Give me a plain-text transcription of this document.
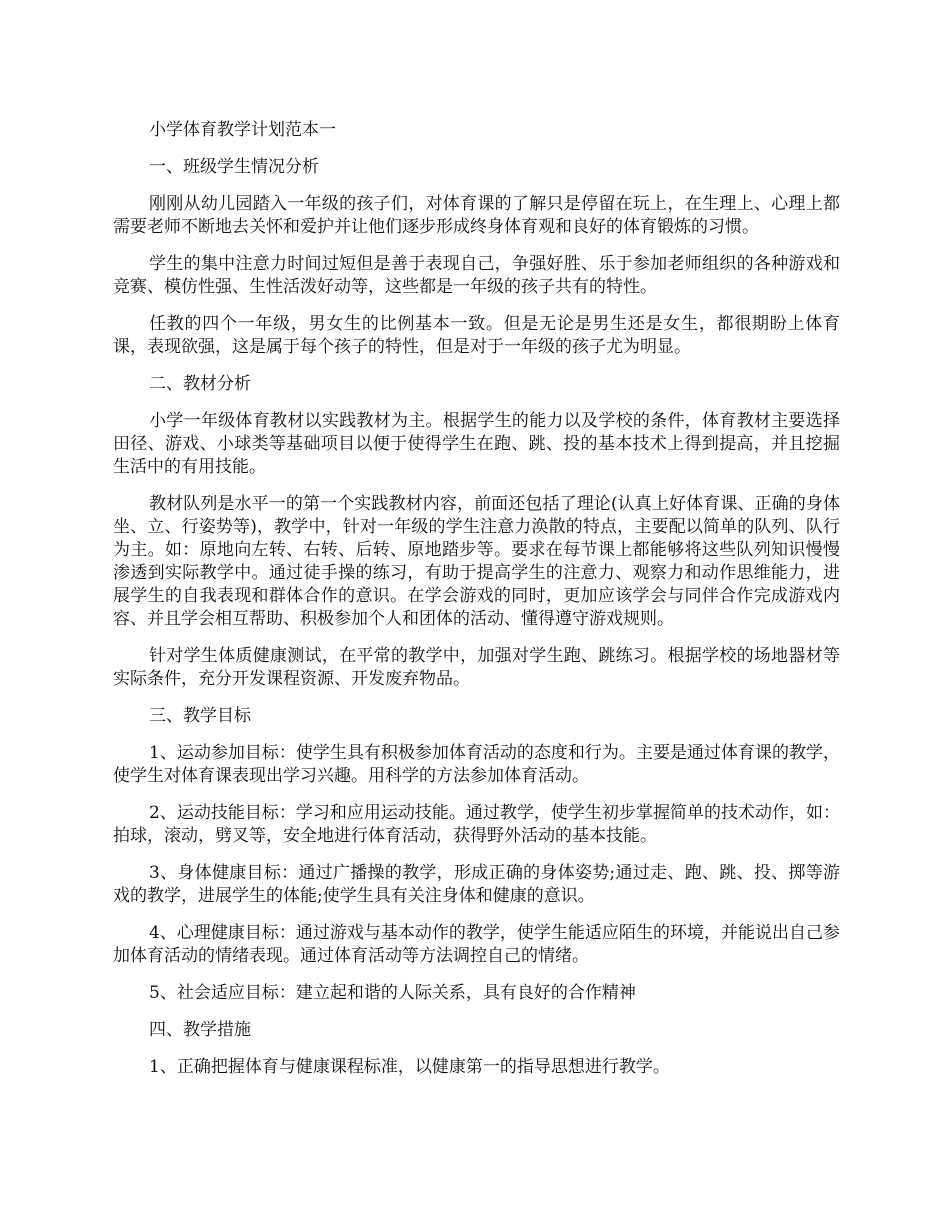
小学体育教学计划范本一

一、班级学生情况分析

刚刚从幼儿园踏入一年级的孩子们，对体育课的了解只是停留在玩上，在生理上、心理上都需要老师不断地去关怀和爱护并让他们逐步形成终身体育观和良好的体育锻炼的习惯。

学生的集中注意力时间过短但是善于表现自己，争强好胜、乐于参加老师组织的各种游戏和竞赛、模仿性强、生性活泼好动等，这些都是一年级的孩子共有的特性。

任教的四个一年级，男女生的比例基本一致。但是无论是男生还是女生，都很期盼上体育课，表现欲强，这是属于每个孩子的特性，但是对于一年级的孩子尤为明显。

二、教材分析

小学一年级体育教材以实践教材为主。根据学生的能力以及学校的条件，体育教材主要选择田径、游戏、小球类等基础项目以便于使得学生在跑、跳、投的基本技术上得到提高，并且挖掘生活中的有用技能。

教材队列是水平一的第一个实践教材内容，前面还包括了理论(认真上好体育课、正确的身体坐、立、行姿势等)，教学中，针对一年级的学生注意力涣散的特点，主要配以简单的队列、队行为主。如：原地向左转、右转、后转、原地踏步等。要求在每节课上都能够将这些队列知识慢慢渗透到实际教学中。通过徒手操的练习，有助于提高学生的注意力、观察力和动作思维能力，进展学生的自我表现和群体合作的意识。在学会游戏的同时，更加应该学会与同伴合作完成游戏内容、并且学会相互帮助、积极参加个人和团体的活动、懂得遵守游戏规则。

针对学生体质健康测试，在平常的教学中，加强对学生跑、跳练习。根据学校的场地器材等实际条件，充分开发课程资源、开发废弃物品。

三、教学目标

1、运动参加目标：使学生具有积极参加体育活动的态度和行为。主要是通过体育课的教学，使学生对体育课表现出学习兴趣。用科学的方法参加体育活动。

2、运动技能目标：学习和应用运动技能。通过教学，使学生初步掌握简单的技术动作，如：拍球，滚动，劈叉等，安全地进行体育活动，获得野外活动的基本技能。

3、身体健康目标：通过广播操的教学，形成正确的身体姿势;通过走、跑、跳、投、掷等游戏的教学，进展学生的体能;使学生具有关注身体和健康的意识。

4、心理健康目标：通过游戏与基本动作的教学，使学生能适应陌生的环境，并能说出自己参加体育活动的情绪表现。通过体育活动等方法调控自己的情绪。

5、社会适应目标：建立起和谐的人际关系，具有良好的合作精神

四、教学措施

1、正确把握体育与健康课程标准，以健康第一的指导思想进行教学。
